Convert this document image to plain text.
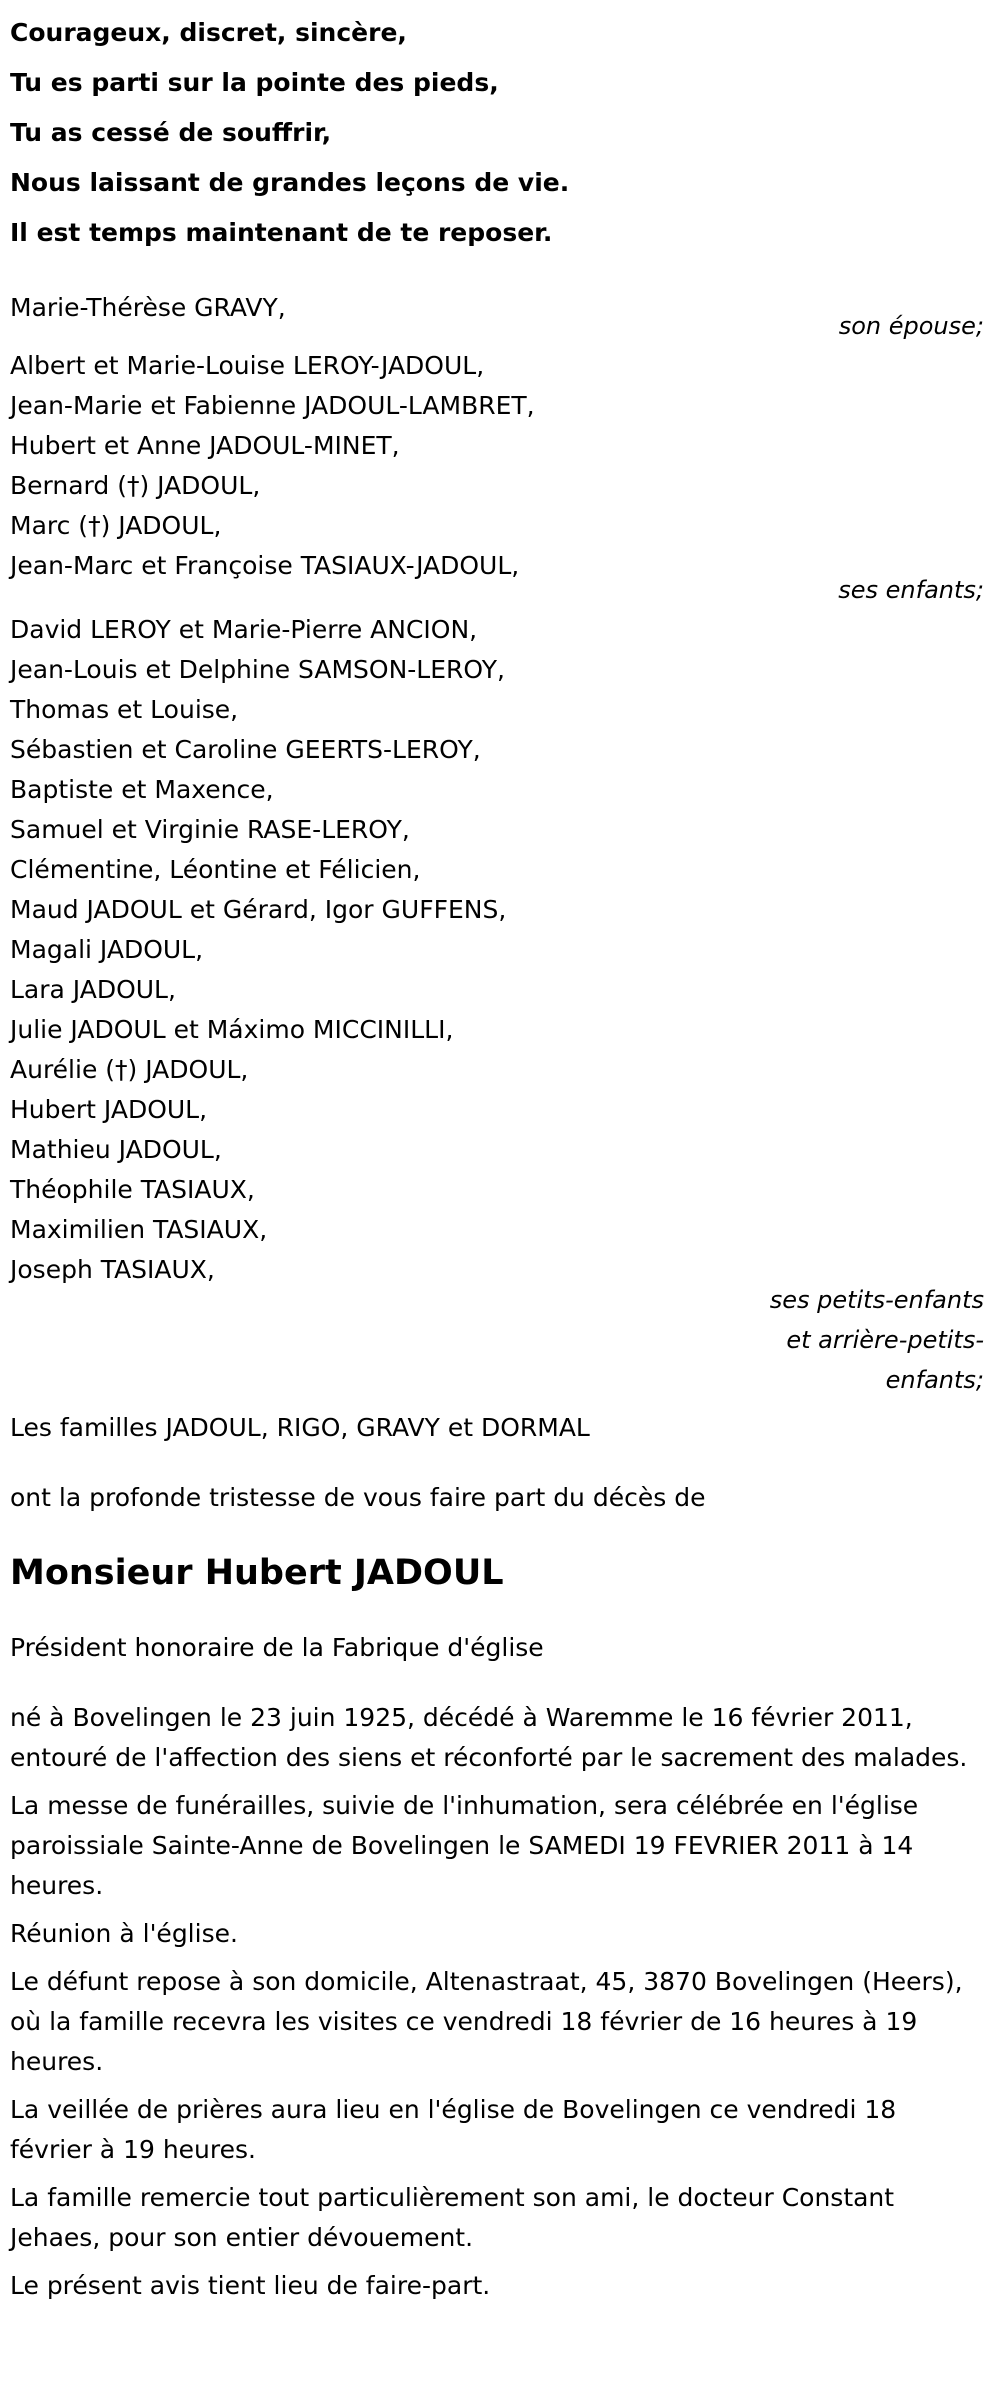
Courageux, discret, sincère,

Tu es parti sur la pointe des pieds,

Tu as cessé de souffrir,

Nous laissant de grandes leçons de vie.

Il est temps maintenant de te reposer.

Marie-Thérèse GRAVY,

son épouse;

Albert et Marie-Louise LEROY-JADOUL,

Jean-Marie et Fabienne JADOUL-LAMBRET,

Hubert et Anne JADOUL-MINET,

Bernard (†) JADOUL,

Marc (†) JADOUL,

Jean-Marc et Françoise TASIAUX-JADOUL,

ses enfants;

David LEROY et Marie-Pierre ANCION,

Jean-Louis et Delphine SAMSON-LEROY,

Thomas et Louise,

Sébastien et Caroline GEERTS-LEROY,

Baptiste et Maxence,

Samuel et Virginie RASE-LEROY,

Clémentine, Léontine et Félicien,

Maud JADOUL et Gérard, Igor GUFFENS,

Magali JADOUL,

Lara JADOUL,

Julie JADOUL et Máximo MICCINILLI,

Aurélie (†) JADOUL,

Hubert JADOUL,

Mathieu JADOUL,

Théophile TASIAUX,

Maximilien TASIAUX,

Joseph TASIAUX,

ses petits-enfants

et arrière-petits-

enfants;

Les familles JADOUL, RIGO, GRAVY et DORMAL

ont la profonde tristesse de vous faire part du décès de

Monsieur Hubert JADOUL

Président honoraire de la Fabrique d'église

né à Bovelingen le 23 juin 1925, décédé à Waremme le 16 février 2011, entouré de l'affection des siens et réconforté par le sacrement des malades.

La messe de funérailles, suivie de l'inhumation, sera célébrée en l'église paroissiale Sainte-Anne de Bovelingen le SAMEDI 19 FEVRIER 2011 à 14 heures.

Réunion à l'église.

Le défunt repose à son domicile, Altenastraat, 45, 3870 Bovelingen (Heers), où la famille recevra les visites ce vendredi 18 février de 16 heures à 19 heures.

La veillée de prières aura lieu en l'église de Bovelingen ce vendredi 18 février à 19 heures.

La famille remercie tout particulièrement son ami, le docteur Constant Jehaes, pour son entier dévouement.

Le présent avis tient lieu de faire-part.
